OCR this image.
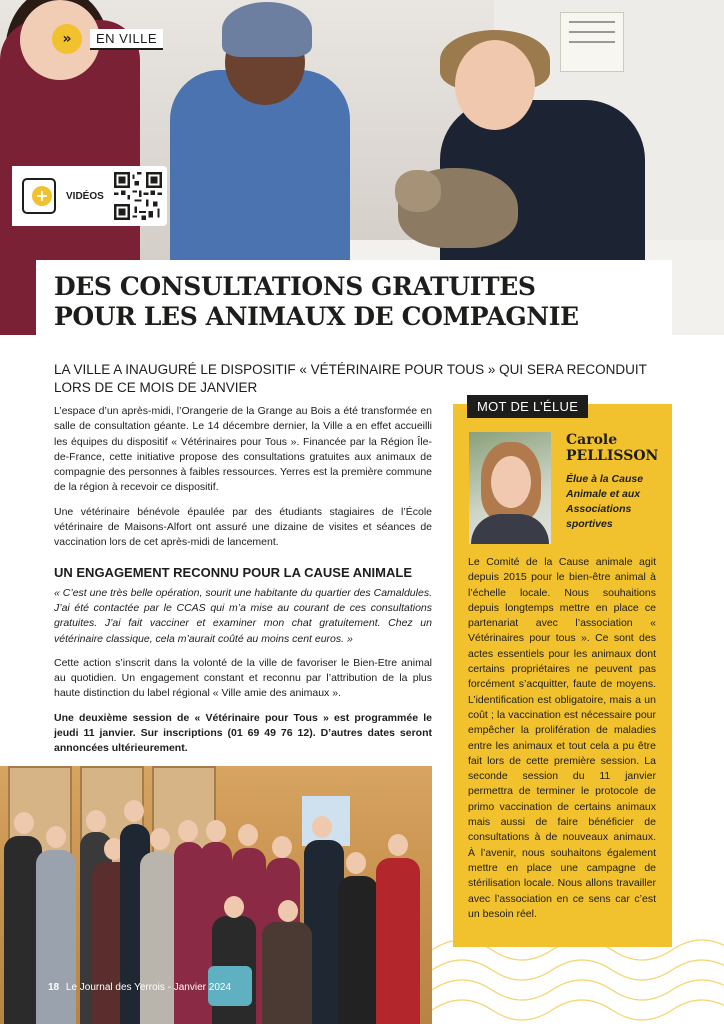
»	EN VILLE
+	VIDÉOS
DES CONSULTATIONS GRATUITES
POUR LES ANIMAUX DE COMPAGNIE

LA VILLE A INAUGURÉ LE DISPOSITIF « VÉTÉRINAIRE POUR TOUS » QUI SERA RECONDUIT LORS DE CE MOIS DE JANVIER

L’espace d’un après-midi, l’Orangerie de la Grange au Bois a été transformée en salle de consultation géante. Le 14 décembre dernier, la Ville a en effet accueilli les équipes du dispositif « Vétérinaires pour Tous ». Financée par la Région Île-de-France, cette initiative propose des consultations gratuites aux animaux de compagnie des personnes à faibles ressources. Yerres est la première commune de la région à recevoir ce dispositif.

Une vétérinaire bénévole épaulée par des étudiants stagiaires de l’École vétérinaire de Maisons-Alfort ont assuré une dizaine de visites et séances de vaccination lors de cet après-midi de lancement.

UN ENGAGEMENT RECONNU POUR LA CAUSE ANIMALE

« C’est une très belle opération, sourit une habitante du quartier des Camaldules. J’ai été contactée par le CCAS qui m’a mise au courant de ces consultations gratuites. J’ai fait vacciner et examiner mon chat gratuitement. Chez un vétérinaire classique, cela m’aurait coûté au moins cent euros. »

Cette action s’inscrit dans la volonté de la ville de favoriser le Bien-Etre animal au quotidien. Un engagement constant et reconnu par l’attribution de la plus haute distinction du label régional « Ville amie des animaux ».

Une deuxième session de « Vétérinaire pour Tous » est programmée le jeudi 11 janvier. Sur inscriptions (01 69 49 76 12). D’autres dates seront annoncées ultérieurement.

MOT DE L’ÉLUE

Carole
PELLISSON

Élue à la Cause Animale et aux Associations sportives

Le Comité de la Cause animale agit depuis 2015 pour le bien-être animal à l’échelle locale. Nous souhaitions depuis longtemps mettre en place ce partenariat avec l’association « Vétérinaires pour tous ». Ce sont des actes essentiels pour les animaux dont certains propriétaires ne peuvent pas forcément s’acquitter, faute de moyens. L’identification est obligatoire, mais a un coût ; la vaccination est nécessaire pour empêcher la prolifération de maladies entre les animaux et tout cela a pu être fait lors de cette première session. La seconde session du 11 janvier permettra de terminer le protocole de primo vaccination de certains animaux mais aussi de faire bénéficier de consultations à de nouveaux animaux. À l’avenir, nous souhaitons également mettre en place une campagne de stérilisation locale. Nous allons travailler avec l’association en ce sens car c’est un besoin réel.

18 Le Journal des Yerrois - Janvier 2024
